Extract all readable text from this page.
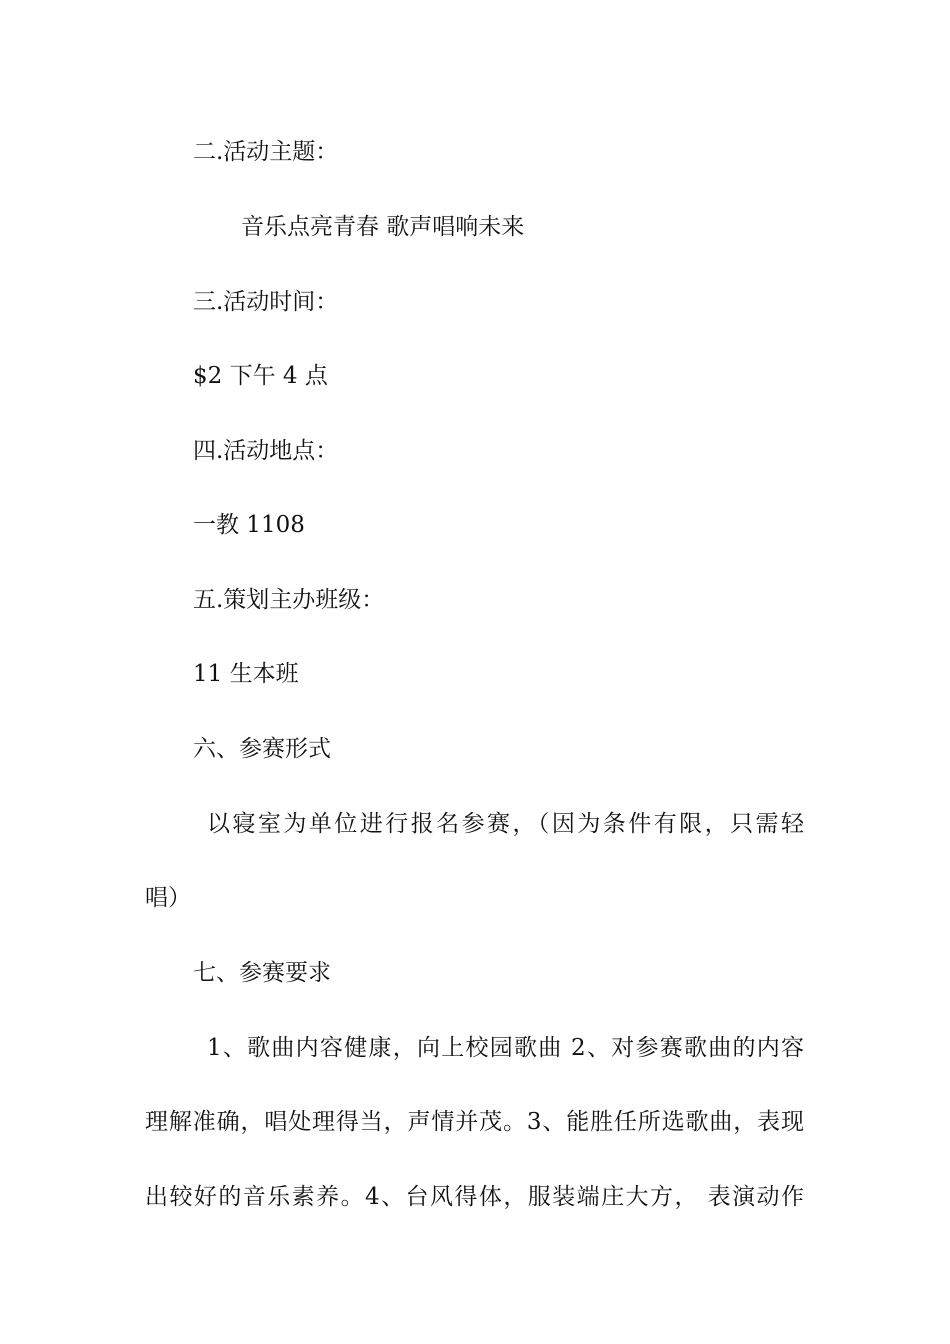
二.活动主题：
音乐点亮青春 歌声唱响未来
三.活动时间：
$2 下午 4 点
四.活动地点：
一教 1108
五.策划主办班级：
11 生本班
六、参赛形式
以寝室为单位进行报名参赛，（因为条件有限，只需轻
唱）
七、参赛要求
1、歌曲内容健康，向上校园歌曲 2、对参赛歌曲的内容
理解准确，唱处理得当，声情并茂。3、能胜任所选歌曲，表现
出较好的音乐素养。4、台风得体，服装端庄大方， 表演动作
